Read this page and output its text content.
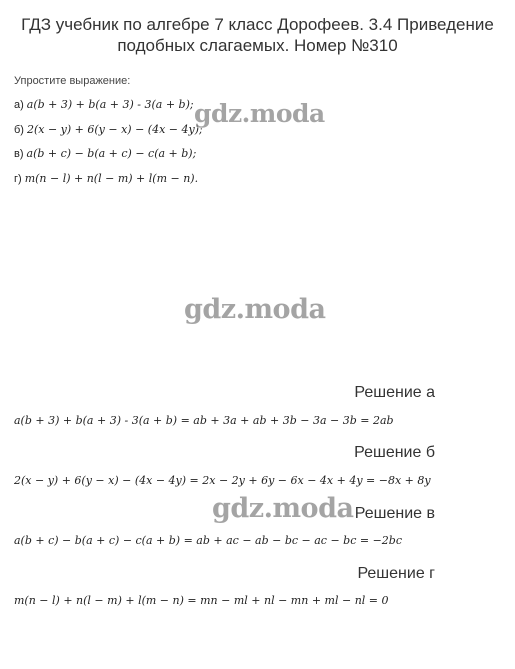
ГДЗ учебник по алгебре 7 класс Дорофеев. 3.4 Приведение
подобных слагаемых. Номер №310
Упростите выражение:
а) a(b + 3) + b(a + 3) - 3(a + b);
б) 2(x − y) + 6(y − x) − (4x − 4y);
в) a(b + c) − b(a + c) − c(a + b);
г) m(n − l) + n(l − m) + l(m − n).
gdz.moda
gdz.moda
Решение а
a(b + 3) + b(a + 3) - 3(a + b) = ab + 3a + ab + 3b − 3a − 3b = 2ab
Решение б
2(x − y) + 6(y − x) − (4x − 4y) = 2x − 2y + 6y − 6x − 4x + 4y = −8x + 8y
gdz.moda Решение в
a(b + c) − b(a + c) − c(a + b) = ab + ac − ab − bc − ac − bc = −2bc
Решение г
m(n − l) + n(l − m) + l(m − n) = mn − ml + nl − mn + ml − nl = 0
